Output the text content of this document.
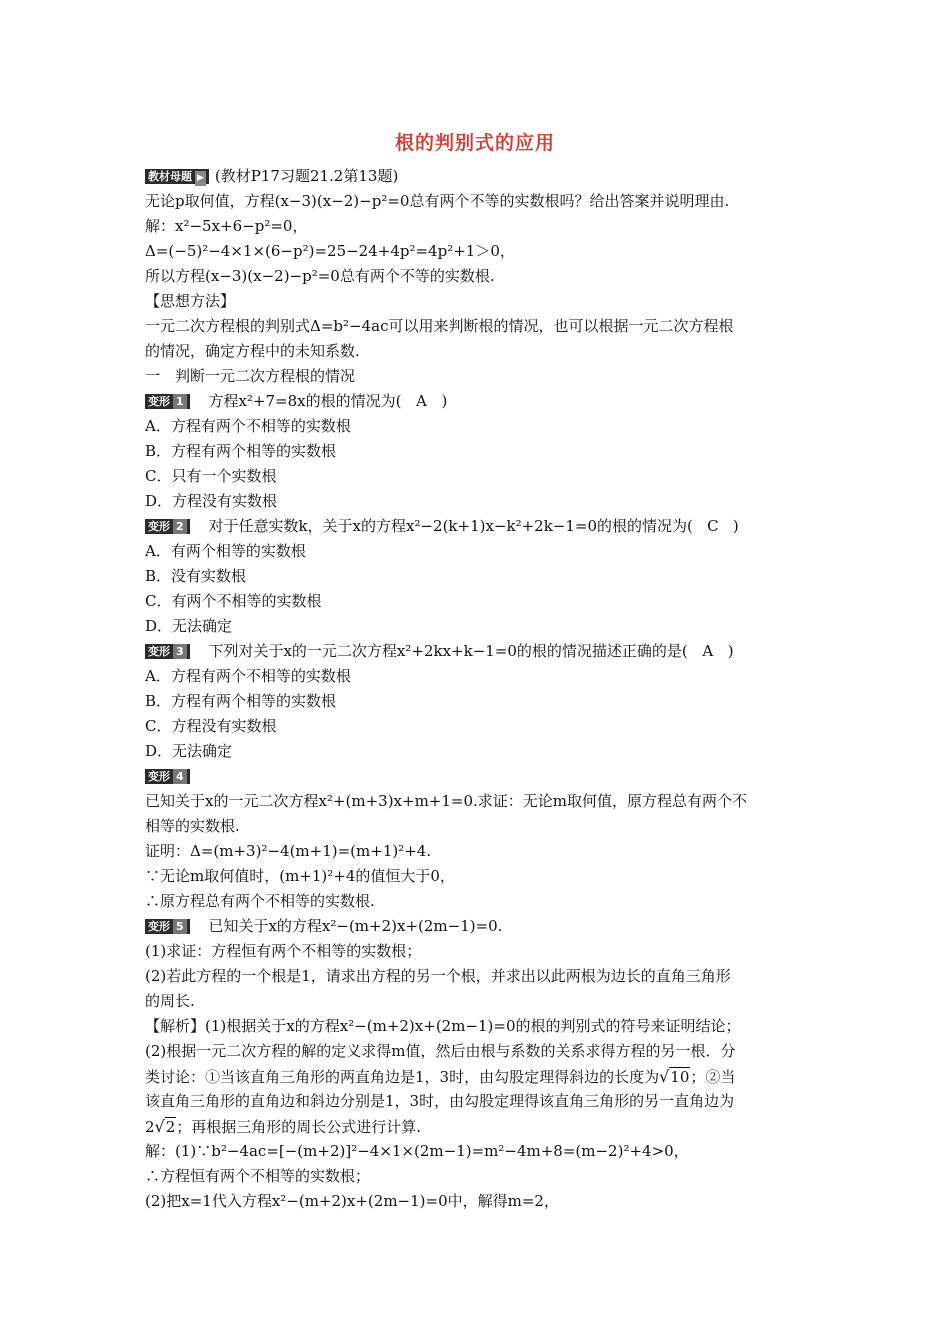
根的判别式的应用
教材母题 ▶ (教材P17习题21.2第13题)
无论p取何值，方程(x−3)(x−2)−p²=0总有两个不等的实数根吗？给出答案并说明理由.
解：x²−5x+6−p²=0，
Δ=(−5)²−4×1×(6−p²)=25−24+4p²=4p²+1＞0，
所以方程(x−3)(x−2)−p²=0总有两个不等的实数根.
【思想方法】
一元二次方程根的判别式Δ=b²−4ac可以用来判断根的情况，也可以根据一元二次方程根
的情况，确定方程中的未知系数.
一　判断一元二次方程根的情况
变形 1 方程x²+7=8x的根的情况为( A )
A．方程有两个不相等的实数根
B．方程有两个相等的实数根
C．只有一个实数根
D．方程没有实数根
变形 2 对于任意实数k，关于x的方程x²−2(k+1)x−k²+2k−1=0的根的情况为( C )
A．有两个相等的实数根
B．没有实数根
C．有两个不相等的实数根
D．无法确定
变形 3 下列对关于x的一元二次方程x²+2kx+k−1=0的根的情况描述正确的是( A )
A．方程有两个不相等的实数根
B．方程有两个相等的实数根
C．方程没有实数根
D．无法确定
变形 4
已知关于x的一元二次方程x²+(m+3)x+m+1=0.求证：无论m取何值，原方程总有两个不
相等的实数根.
证明：Δ=(m+3)²−4(m+1)=(m+1)²+4.
∵无论m取何值时，(m+1)²+4的值恒大于0，
∴原方程总有两个不相等的实数根.
变形 5 已知关于x的方程x²−(m+2)x+(2m−1)=0.
(1)求证：方程恒有两个不相等的实数根；
(2)若此方程的一个根是1，请求出方程的另一个根，并求出以此两根为边长的直角三角形
的周长.
【解析】(1)根据关于x的方程x²−(m+2)x+(2m−1)=0的根的判别式的符号来证明结论；
(2)根据一元二次方程的解的定义求得m值，然后由根与系数的关系求得方程的另一根．分
类讨论：①当该直角三角形的两直角边是1，3时，由勾股定理得斜边的长度为√10；②当
该直角三角形的直角边和斜边分别是1，3时，由勾股定理得该直角三角形的另一直角边为
2√2；再根据三角形的周长公式进行计算.
解：(1)∵b²−4ac=[−(m+2)]²−4×1×(2m−1)=m²−4m+8=(m−2)²+4>0，
∴方程恒有两个不相等的实数根；
(2)把x=1代入方程x²−(m+2)x+(2m−1)=0中，解得m=2，
